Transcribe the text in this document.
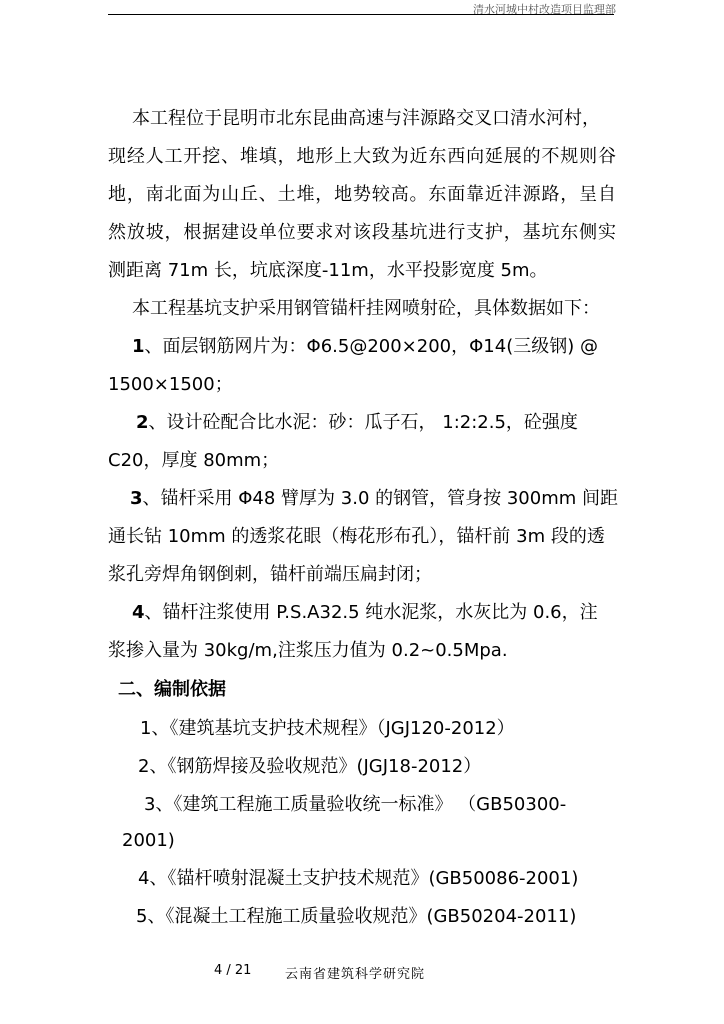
清水河城中村改造项目监理部
本工程位于昆明市北东昆曲高速与沣源路交叉口清水河村，
现经人工开挖、堆填，地形上大致为近东西向延展的不规则谷
地，南北面为山丘、土堆，地势较高。东面靠近沣源路，呈自
然放坡，根据建设单位要求对该段基坑进行支护，基坑东侧实
测距离 71m 长，坑底深度-11m，水平投影宽度 5m。
本工程基坑支护采用钢管锚杆挂网喷射砼，具体数据如下：
1、面层钢筋网片为：Φ6.5@200×200，Φ14(三级钢) @
1500×1500；
2、设计砼配合比水泥：砂：瓜子石， 1:2:2.5，砼强度
C20，厚度 80mm；
3、锚杆采用 Φ48 臂厚为 3.0 的钢管，管身按 300mm 间距
通长钻 10mm 的透浆花眼（梅花形布孔），锚杆前 3m 段的透
浆孔旁焊角钢倒刺，锚杆前端压扁封闭；
4、锚杆注浆使用 P.S.A32.5 纯水泥浆，水灰比为 0.6，注
浆掺入量为 30kg/m,注浆压力值为 0.2~0.5Mpa.
二、编制依据
1、《建筑基坑支护技术规程》（JGJ120-2012）
2、《钢筋焊接及验收规范》(JGJ18-2012）
3、《建筑工程施工质量验收统一标准》 （GB50300-
2001)
4、《锚杆喷射混凝土支护技术规范》(GB50086-2001)
5、《混凝土工程施工质量验收规范》(GB50204-2011)
4 / 21	云南省建筑科学研究院
